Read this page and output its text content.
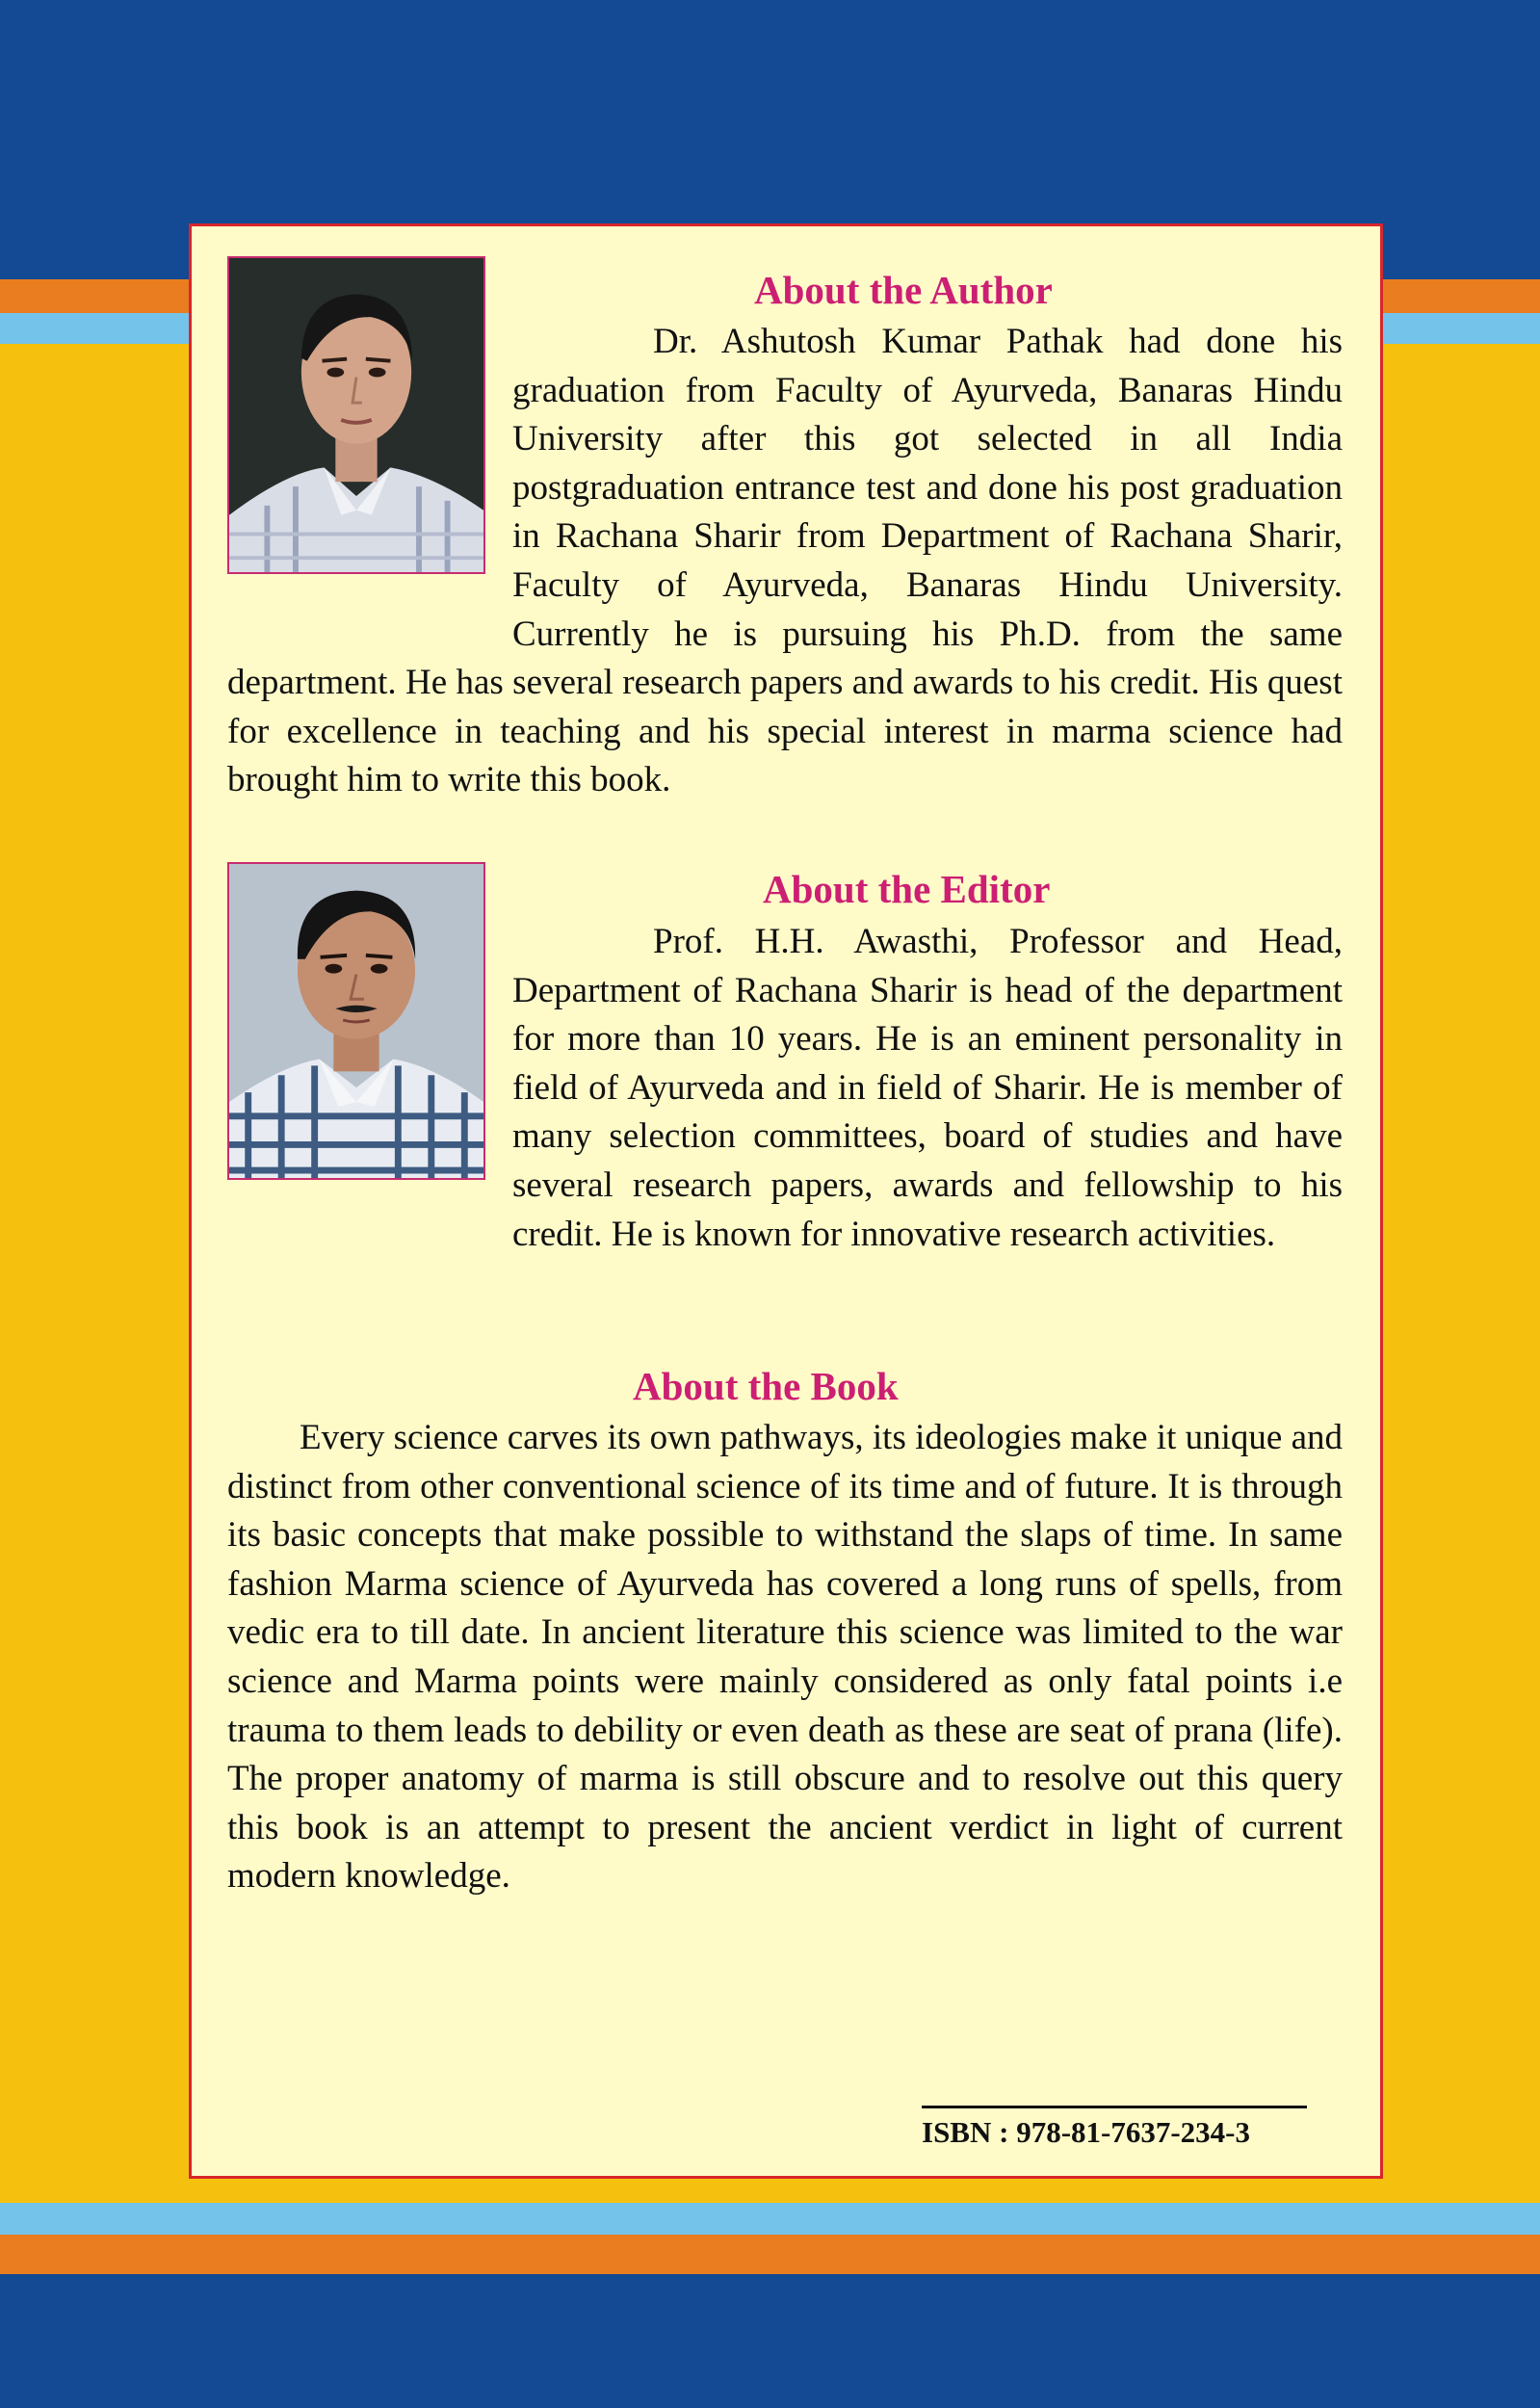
About the Author
Dr. Ashutosh Kumar Pathak had done his graduation from Faculty of Ayurveda, Banaras Hindu University after this got selected in all India postgraduation entrance test and done his post graduation in Rachana Sharir from Department of Rachana Sharir, Faculty of Ayurveda, Banaras Hindu University. Currently he is pursuing his Ph.D. from the same department. He has several research papers and awards to his credit. His quest for excellence in teaching and his special interest in marma science had brought him to write this book.
About the Editor
Prof. H.H. Awasthi, Professor and Head, Department of Rachana Sharir is head of the department for more than 10 years. He is an eminent personality in field of Ayurveda and in field of Sharir. He is member of many selection committees, board of studies and have several research papers, awards and fellowship to his credit. He is known for innovative research activities.
About the Book
Every science carves its own pathways, its ideologies make it unique and distinct from other conventional science of its time and of future. It is through its basic concepts that make possible to withstand the slaps of time. In same fashion Marma science of Ayurveda has covered a long runs of spells, from vedic era to till date. In ancient literature this science was limited to the war science and Marma points were mainly considered as only fatal points i.e trauma to them leads to debility or even death as these are seat of prana (life). The proper anatomy of marma is still obscure and to resolve out this query this book is an attempt to present the ancient verdict in light of current modern knowledge.
ISBN : 978-81-7637-234-3
